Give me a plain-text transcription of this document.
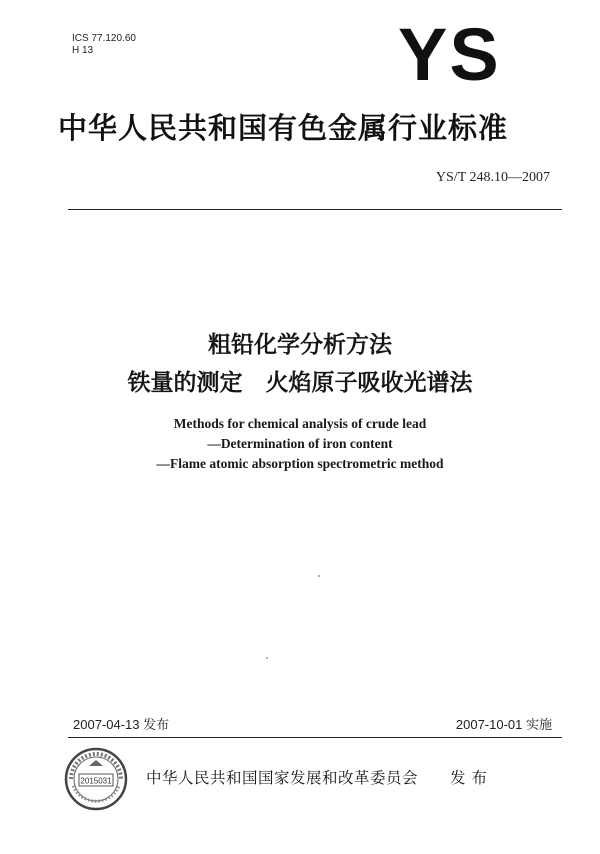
ICS 77.120.60
H 13	YS
中华人民共和国有色金属行业标准
YS/T 248.10—2007
粗铅化学分析方法
铁量的测定　火焰原子吸收光谱法
Methods for chemical analysis of crude lead
—Determination of iron content
—Flame atomic absorption spectrometric method
2007-04-13 发布	2007-10-01 实施
2015031 中华人民共和国国家发展和改革委员会 发布
